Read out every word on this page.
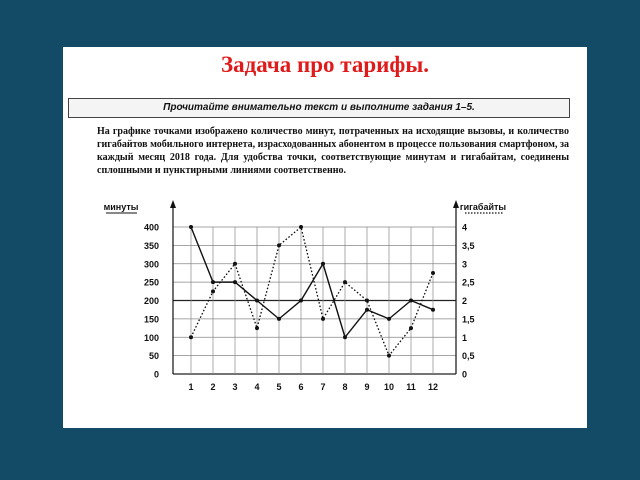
Задача про тарифы.
Прочитайте внимательно текст и выполните задания 1–5.
На графике точками изображено количество минут, потраченных на исходящие вызовы, и количество гигабайтов мобильного интернета, израсходованных абонентом в процессе пользования смартфоном, за каждый месяц 2018 года. Для удобства точки, соответствующие минутам и гигабайтам, соединены сплошными и пунктирными линиями соответственно.
минуты	гигабайты
0
50
100
150
200
250
300
350
400
0
0,5
1
1,5
2
2,5
3
3,5
4
1 2 3 4 5 6 7 8 9 10 11 12
